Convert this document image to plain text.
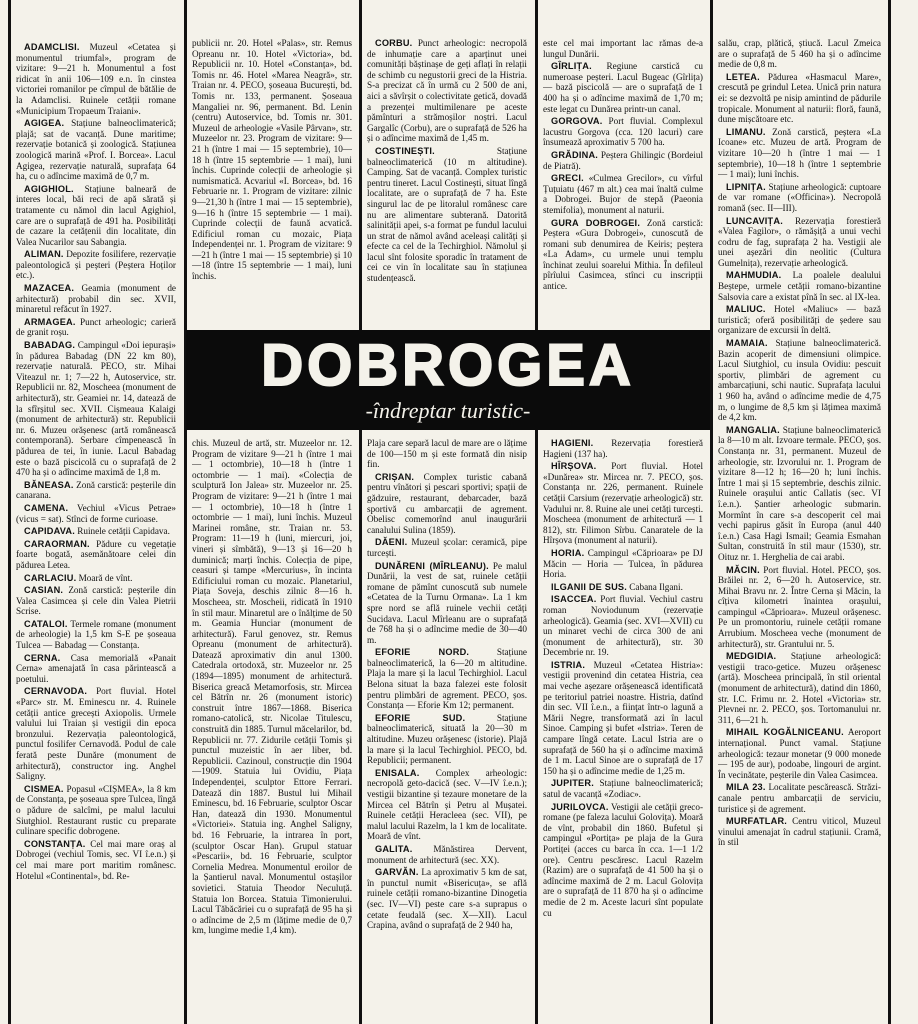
ADAMCLISI. Muzeul «Cetatea și monumentul triumfal», program de vizitare: 9—21 h. Monumentul a fost ridicat în anii 106—109 e.n. în cinstea victoriei romanilor pe cîmpul de bătălie de la Adamclisi. Ruinele cetății romane «Municipium Tropaeum Traiani».

AGIGEA. Stațiune balneoclimaterică; plajă; sat de vacanță. Dune maritime; rezervație botanică și zoologică. Stațiunea zoologică marină «Prof. I. Borcea». Lacul Agigea, rezervație naturală, suprafața 64 ha, cu o adîncime maximă de 0,7 m.

AGIGHIOL. Stațiune balneară de interes local, băi reci de apă sărată și tratamente cu nămol din lacul Agighiol, care are o suprafață de 491 ha. Posibilități de cazare la cetățenii din localitate, din Valea Nucarilor sau Sabangia.

ALIMAN. Depozite fosilifere, rezervație paleontologică și peșteri (Peștera Hoților etc.).

MAZACEA. Geamia (monument de arhitectură) probabil din sec. XVII, minaretul refăcut în 1927.

ARMAGEA. Punct arheologic; carieră de granit roșu.

BABADAG. Campingul «Doi iepurași» în pădurea Babadag (DN 22 km 80), rezervație naturală. PECO, str. Mihai Viteazul nr. 1; 7—22 h, Autoservice, str. Republicii nr. 82, Moscheea (monument de arhitectură), str. Geamiei nr. 14, datează de la sfîrșitul sec. XVII. Cișmeaua Kalaigi (monument de arhitectură) str. Republicii nr. 6. Muzeu orășenesc (artă românească contemporană). Serbare cîmpenească în pădurea de tei, în iunie. Lacul Babadag este o bază piscicolă cu o suprafață de 2 470 ha și o adîncime maximă de 1,8 m.

BĂNEASA. Zonă carstică: peșterile din canarana.

CAMENA. Vechiul «Vicus Petrae» (vicus = sat). Stînci de forme curioase.

CAPIDAVA. Ruinele cetății Capidava.

CARAORMAN. Pădure cu vegetație foarte bogată, asemănătoare celei din pădurea Letea.

CARLACIU. Moară de vînt.

CASIAN. Zonă carstică: peșterile din Valea Casimcea și cele din Valea Pietrii Scrise.

CATALOI. Termele romane (monument de arheologie) la 1,5 km S-E pe șoseaua Tulcea — Babadag — Constanța.

CERNA. Casa memorială «Panait Cerna» amenajată în casa părintească a poetului.

CERNAVODA. Port fluvial. Hotel «Parc» str. M. Eminescu nr. 4. Ruinele cetății antice grecești Axiopolis. Urmele valului lui Traian și vestigii din epoca bronzului. Rezervația paleontologică, punctul fosilifer Cernavodă. Podul de cale ferată peste Dunăre (monument de arhitectură), constructor ing. Anghel Saligny.

CISMEA. Popasul «CIȘMEA», la 8 km de Constanța, pe șoseaua spre Tulcea, lîngă o pădure de salcîmi, pe malul lacului Siutghiol. Restaurant rustic cu preparate culinare specific dobrogene.

CONSTANȚA. Cel mai mare oraș al Dobrogei (vechiul Tomis, sec. VI î.e.n.) și cel mai mare port maritim românesc. Hotelul «Continental», bd. Re-

publicii nr. 20. Hotel «Palas», str. Remus Opreanu nr. 10. Hotel «Victoria», bd. Republicii nr. 10. Hotel «Constanța», bd. Tomis nr. 46. Hotel «Marea Neagră», str. Traian nr. 4. PECO, șoseaua București, bd. Tomis nr. 133, permanent. Șoseaua Mangaliei nr. 96, permanent. Bd. Lenin (centru) Autoservice, bd. Tomis nr. 301. Muzeul de arheologie «Vasile Pârvan», str. Muzeelor nr. 23. Program de vizitare: 9—21 h (între 1 mai — 15 septembrie), 10—18 h (între 15 septembrie — 1 mai), luni închis. Cuprinde colecții de arheologie și numismatică. Acvariul «I. Borcea», bd. 16 Februarie nr. 1. Program de vizitare: zilnic 9—21,30 h (între 1 mai — 15 septembrie), 9—16 h (între 15 septembrie — 1 mai). Cuprinde colecții de faună acvatică. Edificiul roman cu mozaic, Piața Independenței nr. 1. Program de vizitare: 9—21 h (între 1 mai — 15 septembrie) și 10—18 (între 15 septembrie — 1 mai), luni închis.

CORBU. Punct arheologic: necropolă de inhumație care a aparținut unei comunități băștinașe de geți aflați în relații de schimb cu negustorii greci de la Histria. S-a precizat că în urmă cu 2 500 de ani, aici a săvîrșit o colectivitate getică, dovadă a prezenței multimilenare pe aceste pămînturi a strămoșilor noștri. Lacul Gargalîc (Corbu), are o suprafață de 526 ha și o adîncime maximă de 1,45 m.

COSTINEȘTI.	Stațiune balneoclimaterică (10 m altitudine). Camping. Sat de vacanță. Complex turistic pentru tineret. Lacul Costinești, situat lîngă localitate, are o suprafață de 7 ha. Este singurul lac de pe litoralul românesc care nu are alimentare subterană. Datorită salinității apei, s-a format pe fundul lacului un strat de nămol având aceleași calități și efecte ca cel de la Techirghiol. Nămolul și lacul sînt folosite sporadic în tratament de cei ce vin în localitate sau în stațiunea studențească.

este cel mai important lac rămas de-a lungul Dunării.

GÎRLIȚA. Regiune carstică cu numeroase peșteri. Lacul Bugeac (Gîrlița) — bază piscicolă — are o suprafață de 1 400 ha și o adîncime maximă de 1,70 m; este legat cu Dunărea printr-un canal.

GORGOVA. Port fluvial. Complexul lacustru Gorgova (cca. 120 lacuri) care însumează aproximativ 5 700 ha.

GRĂDINA. Peștera Ghilingic (Bordeiul de Piatră).

GRECI. «Culmea Grecilor», cu vîrful Țuțuiatu (467 m alt.) cea mai înaltă culme a Dobrogei. Bujor de stepă (Paeonia stemifolia), monument al naturii.

GURA DOBROGEI. Zonă carstică: Peștera «Gura Dobrogei», cunoscută de romani sub denumirea de Keiris; peștera «La Adam», cu urmele unui templu închinat zeului soarelui Mithia. În defileul pîrîului Casimcea, stînci cu inscripții antice.

salău, crap, plătică, știucă. Lacul Zmeica are o suprafață de 5 460 ha și o adîncime medie de 0,8 m.

LETEA. Pădurea «Hasmacul Mare», crescută pe grindul Letea. Unică prin natura ei: se dezvoltă pe nisip amintind de pădurile tropicale. Monument al naturii: floră, faună, dune mișcătoare etc.

LIMANU. Zonă carstică, peștera «La Icoane» etc. Muzeu de artă. Program de vizitare 10—20 h (între 1 mai — 1 septembrie), 10—18 h (între 1 septembrie — 1 mai); luni închis.

LIPNIȚA. Stațiune arheologică: cuptoare de var romane («Officina»). Necropolă romană (sec. II—III).

LUNCAVIȚA. Rezervația forestieră «Valea Fagilor», o rămășiță a unui vechi codru de fag, suprafața 2 ha. Vestigii ale unei așezări din neolitic (Cultura Gumelnița), rezervație arheologică.

MAHMUDIA. La poalele dealului Beștepe, urmele cetății romano-bizantine Salsovia care a existat pînă în sec. al IX-lea.

MALIUC. Hotel «Maliuc» — bază turistică; oferă posibilități de ședere sau organizare de excursii în deltă.

MAMAIA. Stațiune balneoclimaterică. Bazin acoperit de dimensiuni olimpice. Lacul Siutghiol, cu insula Ovidiu: pescuit sportiv, plimbări de agrement cu ambarcațiuni, schi nautic. Suprafața lacului 1 960 ha, având o adîncime medie de 4,75 m, o lungime de 8,5 km și lățimea maximă de 4,2 km.

MANGALIA. Stațiune balneoclimaterică la 8—10 m alt. Izvoare termale. PECO, șos. Constanța nr. 31, permanent. Muzeul de arheologie, str. Izvorului nr. 1. Program de vizitare 8—12 h; 16—20 h; luni închis. Între 1 mai și 15 septembrie, deschis zilnic. Ruinele orașului antic Callatis (sec. VI î.e.n.). Șantier arheologic submarin. Mormînt în care s-a descoperit cel mai vechi papirus găsit în Europa (anul 440 î.e.n.) Casa Hagi Ismail; Geamia Esmahan Sultan, construită în stil maur (1530), str. Oituz nr. 1. Herghelia de cai arabi.

MĂCIN. Port fluvial. Hotel. PECO, șos. Brăilei nr. 2, 6—20 h. Autoservice, str. Mihai Bravu nr. 2. Între Cerna și Măcin, la cîțiva kilometri înaintea orașului, campingul «Căprioara». Muzeul orășenesc. Pe un promontoriu, ruinele cetății romane Arrubium. Moscheea veche (monument de arhitectură), str. Grantului nr. 5.

MEDGIDIA. Stațiune arheologică: vestigii traco-getice. Muzeu orășenesc (artă). Moscheea principală, în stil oriental (monument de arhitectură), datind din 1860, str. I.C. Frimu nr. 2. Hotel «Victoria» str. Plevnei nr. 2. PECO, șos. Tortomanului nr. 311, 6—21 h.

MIHAIL KOGĂLNICEANU. Aeroport internațional. Punct vamal. Stațiune arheologică: tezaur monetar (9 000 monede — 195 de aur), podoabe, lingouri de argint. În vecinătate, peșterile din Valea Casimcea.

MILA 23. Localitate pescărească. Străzi-canale pentru ambarcații de serviciu, turistice și de agrement.

MURFATLAR. Centru viticol, Muzeul vinului amenajat în cadrul stațiunii. Cramă, în stil

DOBROGEA
-îndreptar turistic-

chis. Muzeul de artă, str. Muzeelor nr. 12. Program de vizitare 9—21 h (între 1 mai — 1 octombrie), 10—18 h (între 1 octombrie — 1 mai). «Colecția de sculptură Ion Jalea» str. Muzeelor nr. 25. Program de vizitare: 9—21 h (între 1 mai — 1 octombrie), 10—18 h (între 1 octombrie — 1 mai), luni închis. Muzeul Marinei române, str. Traian nr. 53. Program: 11—19 h (luni, miercuri, joi, vineri și sîmbătă), 9—13 și 16—20 h duminică; marți închis. Colecția de pipe, ceasuri și tampe «Mercurius», în incinta Edificiului roman cu mozaic. Planetariul, Piața Soveja, deschis zilnic 8—16 h. Moscheea, str. Moscheii, ridicată în 1910 în stil maur. Minaretul are o înălțime de 50 m. Geamia Hunciar (monument de arhitectură). Farul genovez, str. Remus Opreanu (monument de arhitectură). Datează aproximativ din anul 1300. Catedrala ortodoxă, str. Muzeelor nr. 25 (1894—1895) monument de arhitectură. Biserica greacă Metamorfosis, str. Mircea cel Bătrîn nr. 26 (monument istoric) construit între 1867—1868. Biserica romano-catolică, str. Nicolae Titulescu, construită din 1885. Turnul măcelarilor, bd. Republicii nr. 77. Zidurile cetății Tomis și punctul muzeistic în aer liber, bd. Republicii. Cazinoul, construcție din 1904—1909. Statuia lui Ovidiu, Piața Independenței, sculptor Ettore Ferrari. Datează din 1887. Bustul lui Mihail Eminescu, bd. 16 Februarie, sculptor Oscar Han, datează din 1930. Monumentul «Victoriei». Statuia ing. Anghel Saligny, bd. 16 Februarie, la intrarea în port, (sculptor Oscar Han). Grupul statuar «Pescarii», bd. 16 Februarie, sculptor Cornelia Medrea. Monumentul eroilor de la Șantierul naval. Monumentul ostașilor sovietici. Statuia Theodor Neculuță. Statuia lon Borcea. Statuia Timonierului. Lacul Tăbăcăriei cu o suprafață de 95 ha și o adîncime de 2,5 m (lățime medie de 0,7 km, lungime medie 1,4 km).

Plaja care separă lacul de mare are o lățime de 100—150 m și este formată din nisip fin.

CRIȘAN. Complex turistic cabană pentru vînători și pescari sportivi; spații de gădzuire, restaurant, debarcader, bază sportivă cu ambarcații de agrement. Obelisc comemorînd anul inaugurării canalului Sulina (1859).

DĂENI. Muzeul școlar: ceramică, pipe turcești.

DUNĂRENI (MÎRLEANU). Pe malul Dunării, la vest de sat, ruinele cetății romane de pămînt cunoscută sub numele «Cetatea de la Turnu Ormana». La 1 km spre nord se află ruinele vechii cetăți Sucidava. Lacul Mîrleanu are o suprafață de 768 ha și o adîncime medie de 30—40 m.

EFORIE NORD.	Stațiune balneoclimaterică, la 6—20 m altitudine. Plaja la mare și la lacul Techirghiol. Lacul Belona situat la baza falezei este folosit pentru plimbări de agrement. PECO, șos. Constanța — Eforie Km 12; permanent.

EFORIE SUD.	Stațiune balneoclimaterică, situată la 20—30 m altitudine. Muzeu orășenesc (istorie). Plajă la mare și la lacul Techirghiol. PECO, bd. Republicii; permanent.

ENISALA. Complex arheologic: necropolă geto-dacică (sec. V—IV î.e.n.); vestigii bizantine și tezaure monetare de la Mircea cel Bătrîn și Petru al Mușatei. Ruinele cetății Heracleea (sec. VII), pe malul lacului Razelm, la 1 km de localitate. Moară de vînt.

GALITA. Mănăstirea Dervent, monument de arhitectură (sec. XX).

GARVĂN. La aproximativ 5 km de sat, în punctul numit «Bisericuța», se află ruinele cetății romano-bizantine Dinogetia (sec. IV—VI) peste care s-a suprapus o cetate feudală (sec. X—XII). Lacul Crapina, având o suprafață de 2 940 ha,

HAGIENI. Rezervația forestieră Hagieni (137 ha).

HÎRȘOVA. Port fluvial. Hotel «Dunărea» str. Mircea nr. 7. PECO, șos. Constanța nr. 226, permanent. Ruinele cetății Carsium (rezervație arheologică) str. Vadului nr. 8. Ruine ale unei cetăți turcești. Moscheea (monument de arhitectură — 1 812), str. Filimon Sîrbu. Canaratele de la Hîrșova (monument al naturii).

HORIA. Campingul «Căprioara» pe DJ Măcin — Horia — Tulcea, în pădurea Horia.

ILGANII DE SUS. Cabana Ilgani.

ISACCEA. Port fluvial. Vechiul castru roman Noviodunum (rezervație arheologică). Geamia (sec. XVI—XVII) cu un minaret vechi de circa 300 de ani (monument de arhitectură), str. 30 Decembrie nr. 19.

ISTRIA. Muzeul «Cetatea Histria»: vestigii provenind din cetatea Histria, cea mai veche așezare orășenească identificată pe teritoriul patriei noastre. Histria, datînd din sec. VII î.e.n., a fiinţat într-o lagună a Mării Negre, transformată azi în lacul Sinoe. Camping și bufet «Istria». Teren de campare lîngă cetate. Lacul Istria are o suprafață de 560 ha și o adîncime maximă de 1 m. Lacul Sinoe are o suprafață de 17 150 ha și o adîncime medie de 1,25 m.

JUPITER. Stațiune balneoclimaterică; satul de vacanță «Zodiac».

JURILOVCA. Vestigii ale cetății greco-romane (pe faleza lacului Golovița). Moară de vînt, probabil din 1860. Bufetul și campingul «Portița» pe plaja de la Gura Portiței (acces cu barca în cca. 1—1 1/2 ore). Centru pescăresc. Lacul Razelm (Razim) are o suprafață de 41 500 ha și o adîncime maximă de 2 m. Lacul Golovița are o suprafață de 11 870 ha și o adîncime medie de 2 m. Aceste lacuri sînt populate cu
